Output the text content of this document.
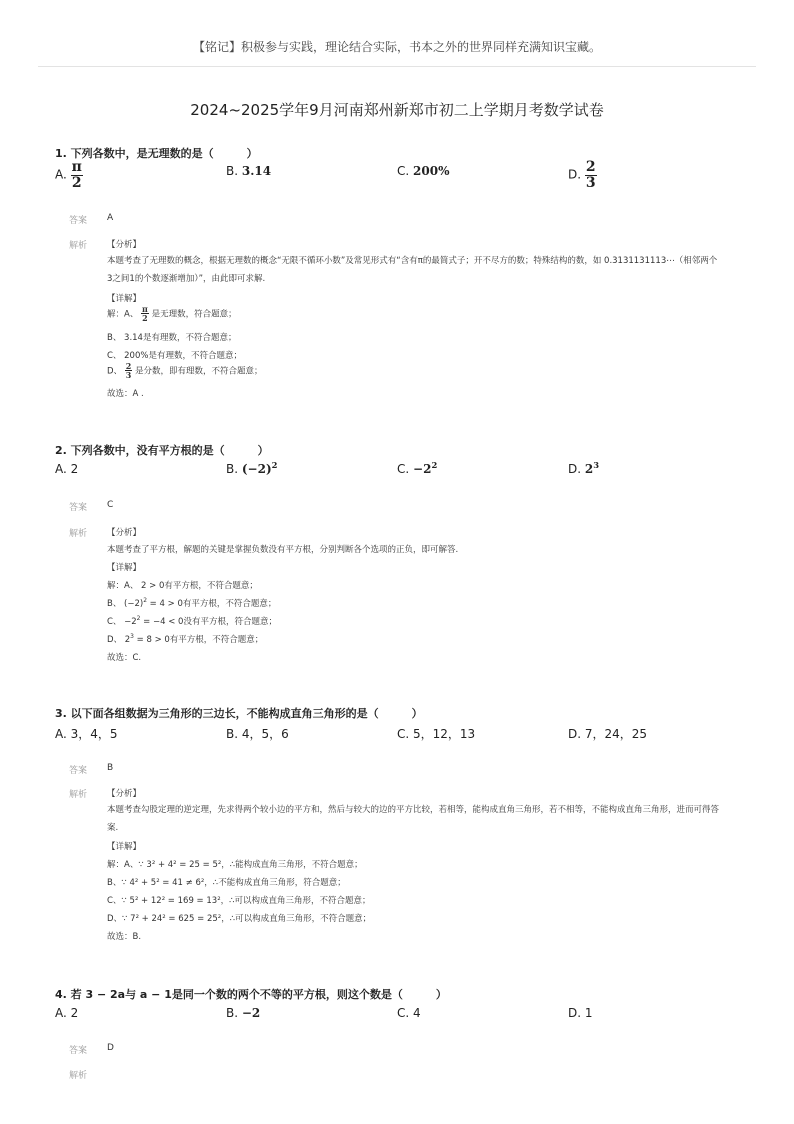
【铭记】积极参与实践，理论结合实际，书本之外的世界同样充满知识宝藏。
2024~2025学年9月河南郑州新郑市初二上学期月考数学试卷
1. 下列各数中，是无理数的是（　　　）
A. $\frac{\pi}{2}$	B. 3.14	C. 200%	D. $\frac{2}{3}$
答案 A
解析 【分析】
本题考查了无理数的概念，根据无理数的概念“无限不循环小数”及常见形式有“含有π的最简式子；开不尽方的数；特殊结构的数，如 0.3131131113⋯（相邻两个3之间1的个数逐渐增加）”，由此即可求解.
【详解】
解：A、 $\frac{\pi}{2}$ 是无理数，符合题意；
B、 3.14是有理数，不符合题意；
C、 200%是有理数，不符合题意；
D、 $\frac{2}{3}$ 是分数，即有理数，不符合题意；
故选：A .
2. 下列各数中，没有平方根的是（　　　）
A. 2	B. $(-2)^2$	C. $-2^2$	D. $2^3$
答案 C
解析 【分析】
本题考查了平方根，解题的关键是掌握负数没有平方根，分别判断各个选项的正负，即可解答.
【详解】
解：A、 2 > 0有平方根，不符合题意；
B、 $(-2)^2 = 4 > 0$有平方根，不符合题意；
C、 $-2^2 = -4 < 0$没有平方根，符合题意；
D、 $2^3 = 8 > 0$有平方根，不符合题意；
故选：C.
3. 以下面各组数据为三角形的三边长，不能构成直角三角形的是（　　　）
A. 3，4，5	B. 4，5，6	C. 5，12，13	D. 7，24，25
答案 B
解析 【分析】
本题考查勾股定理的逆定理，先求得两个较小边的平方和，然后与较大的边的平方比较，若相等，能构成直角三角形，若不相等，不能构成直角三角形，进而可得答案.
【详解】
解：A、∵ 3² + 4² = 25 = 5²，∴能构成直角三角形，不符合题意；
B、∵ 4² + 5² = 41 ≠ 6²，∴不能构成直角三角形，符合题意；
C、∵ 5² + 12² = 169 = 13²，∴可以构成直角三角形，不符合题意；
D、∵ 7² + 24² = 625 = 25²，∴可以构成直角三角形，不符合题意；
故选：B.
4. 若 3 − 2a与 a − 1是同一个数的两个不等的平方根，则这个数是（　　　）
A. 2	B. −2	C. 4	D. 1
答案 D
解析
